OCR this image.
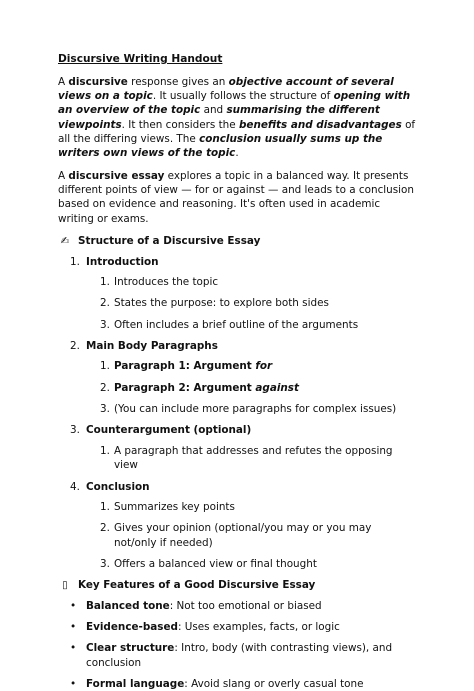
Discursive Writing Handout

A discursive response gives an objective account of several views on a topic. It usually follows the structure of opening with an overview of the topic and summarising the different viewpoints. It then considers the benefits and disadvantages of all the differing views. The conclusion usually sums up the writers own views of the topic.

A discursive essay explores a topic in a balanced way. It presents different points of view — for or against — and leads to a conclusion based on evidence and reasoning. It's often used in academic writing or exams.

✍ Structure of a Discursive Essay
1. Introduction
1. Introduces the topic
2. States the purpose: to explore both sides
3. Often includes a brief outline of the arguments
2. Main Body Paragraphs
1. Paragraph 1: Argument for
2. Paragraph 2: Argument against
3. (You can include more paragraphs for complex issues)
3. Counterargument (optional)
1. A paragraph that addresses and refutes the opposing view
4. Conclusion
1. Summarizes key points
2. Gives your opinion (optional/you may or you may not/only if needed)
3. Offers a balanced view or final thought
▯ Key Features of a Good Discursive Essay
• Balanced tone: Not too emotional or biased
• Evidence-based: Uses examples, facts, or logic
• Clear structure: Intro, body (with contrasting views), and conclusion
• Formal language: Avoid slang or overly casual tone
